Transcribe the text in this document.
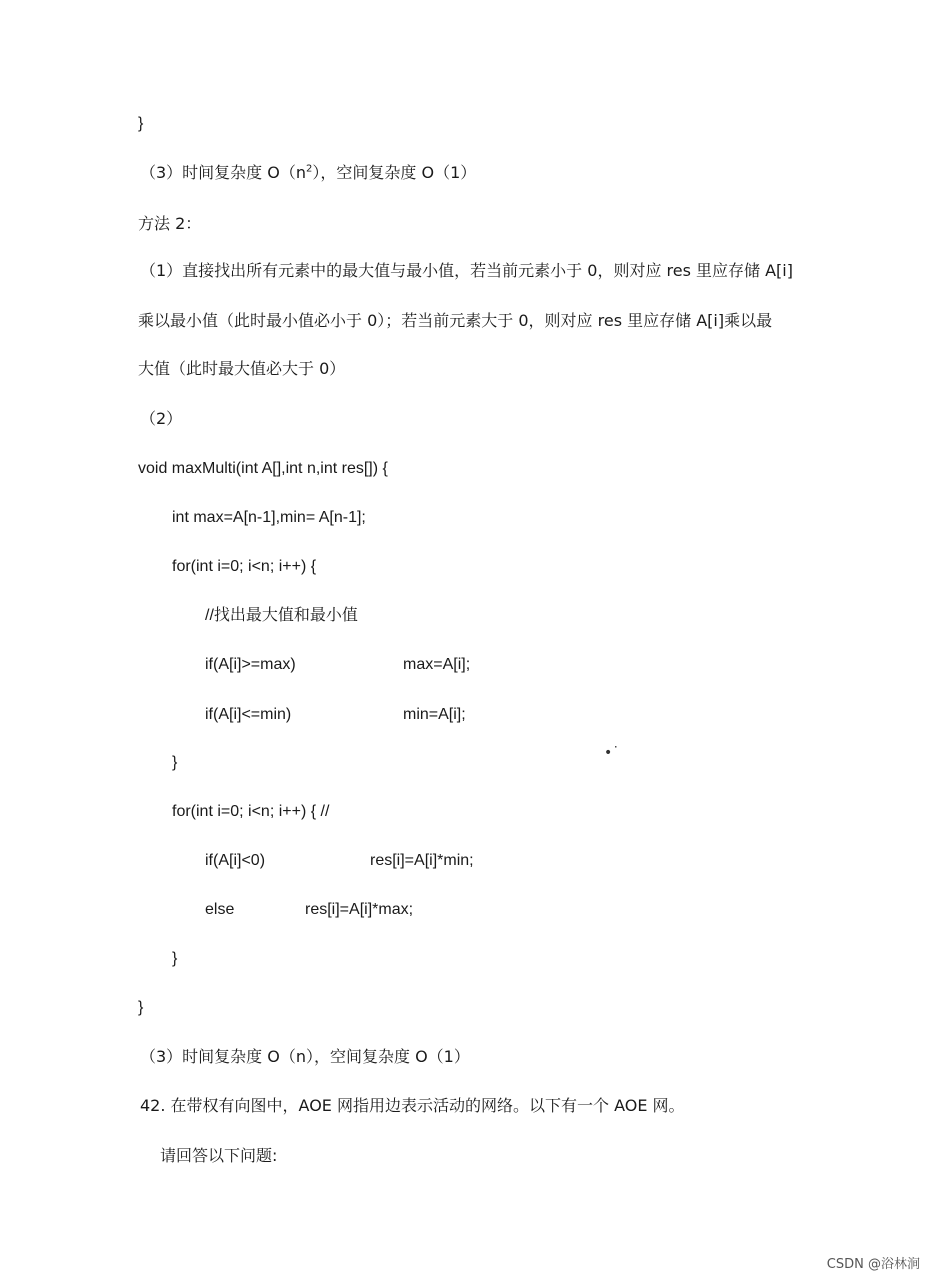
}
（3）时间复杂度 $O(n^2)$，空间复杂度 O（1）
方法 2：
（1）直接找出所有元素中的最大值与最小值，若当前元素小于 0，则对应 res 里应存储 A[i]
乘以最小值（此时最小值必小于 0）；若当前元素大于 0，则对应 res 里应存储 A[i]乘以最
大值（此时最大值必大于 0）
（2）
void maxMulti(int A[],int n,int res[]) {
int max=A[n-1],min= A[n-1];
for(int i=0; i<n; i++) {
//找出最大值和最小值
if(A[i]>=max)	max=A[i];
if(A[i]<=min)	min=A[i];
}
for(int i=0; i<n; i++) { //
if(A[i]<0)	res[i]=A[i]*min;
else	res[i]=A[i]*max;
}
}
（3）时间复杂度 O（n），空间复杂度 O（1）
42. 在带权有向图中，AOE 网指用边表示活动的网络。以下有一个 AOE 网。
请回答以下问题:
•˙
CSDN @浴林涧
